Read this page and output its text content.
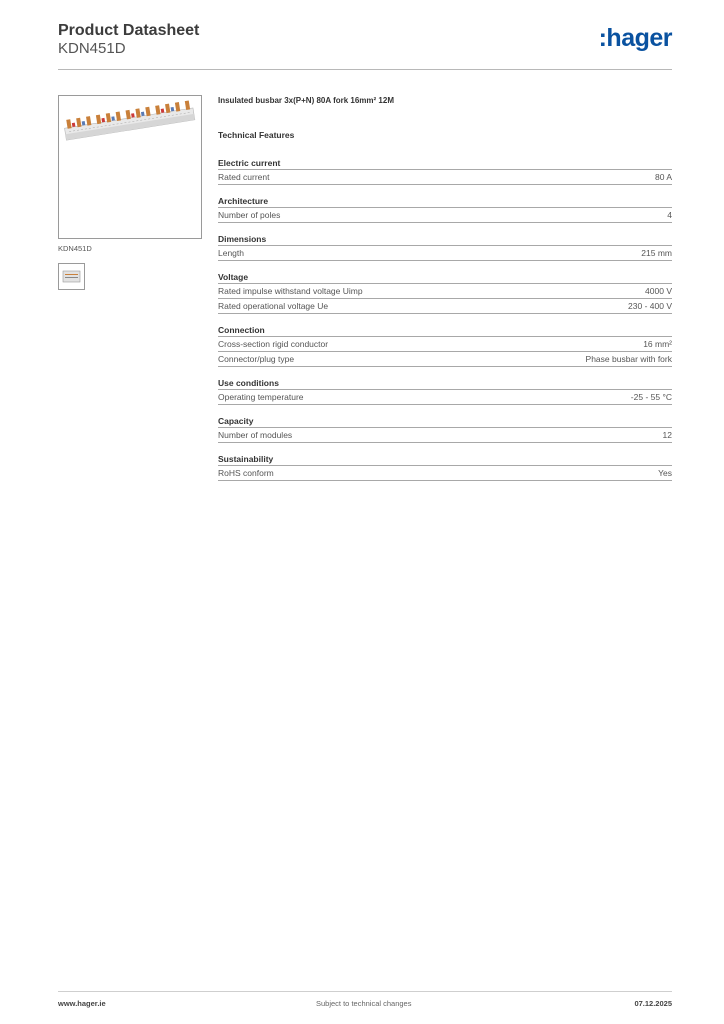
Product Datasheet
KDN451D	:hager
KDN451D
Insulated busbar 3x(P+N) 80A fork 16mm² 12M
Technical Features
Electric current
Rated current	80 A
Architecture
Number of poles	4
Dimensions
Length	215 mm
Voltage
Rated impulse withstand voltage Uimp	4000 V
Rated operational voltage Ue	230 - 400 V
Connection
Cross-section rigid conductor	16 mm²
Connector/plug type	Phase busbar with fork
Use conditions
Operating temperature	-25 - 55 °C
Capacity
Number of modules	12
Sustainability
RoHS conform	Yes
www.hager.ie	Subject to technical changes	07.12.2025
